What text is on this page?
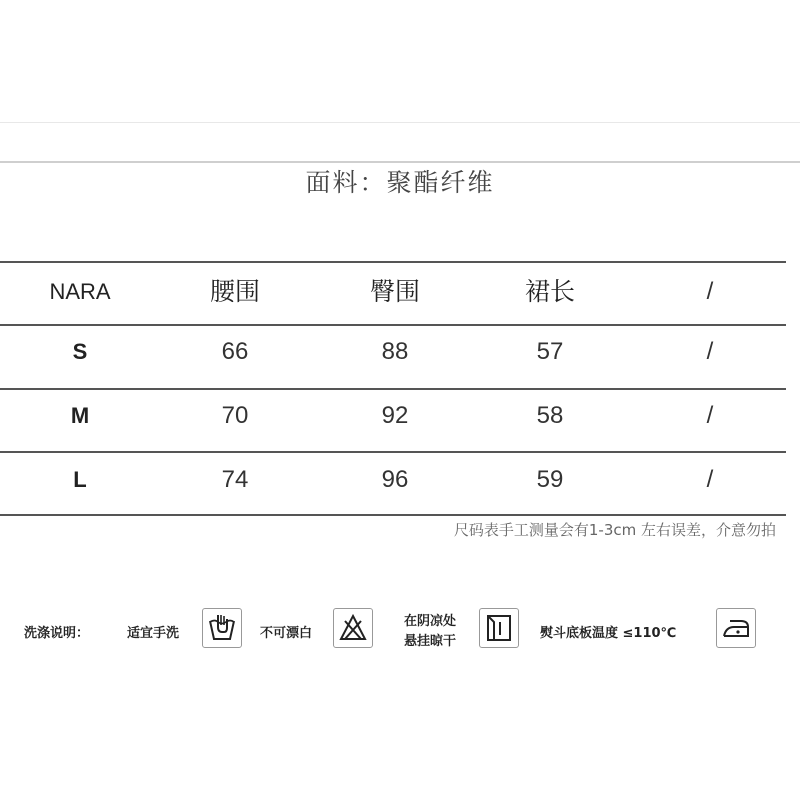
面料：聚酯纤维
NARA	腰围	臀围	裙长	/
S	66	88	57	/
M	70	92	58	/
L	74	96	59	/
尺码表手工测量会有1-3cm 左右误差，介意勿拍
洗涤说明：	适宜手洗	不可漂白
在阴凉处
悬挂晾干
熨斗底板温度 ≤110℃
